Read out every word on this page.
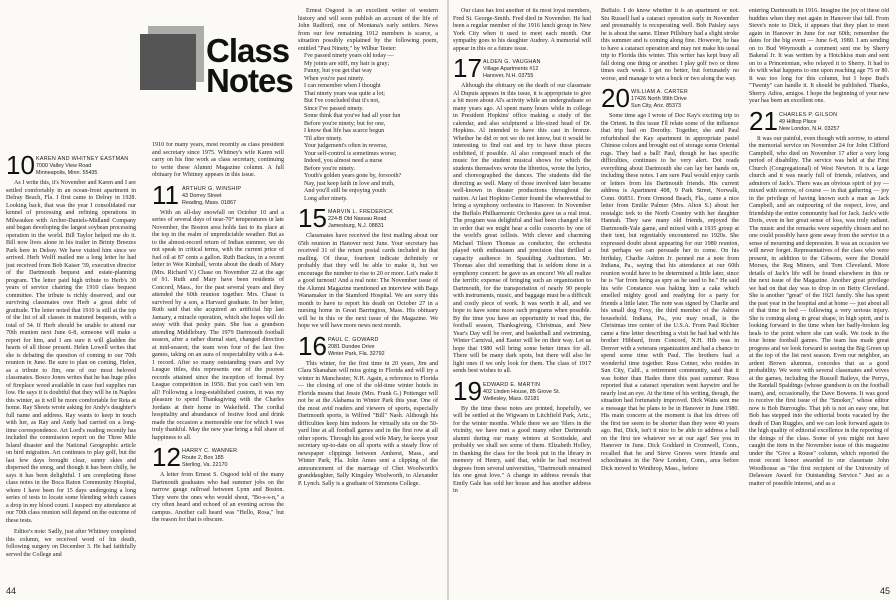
Class
Notes
10 KAREN AND WHITNEY EASTMAN
7000 Valley View Road
Minneapolis, Minn. 55435

As I write this, it's November and Karen and I are settled comfortably in an ocean-front apartment in Delray Beach, Fla. I first came to Delray in 1928. Looking back, that was the year I consolidated our kennel of processing and refining operations in Milwaukee with Archer-Daniels-Midland Company and began developing the largest soybean processing operation in the world. Bill Taylor helped me do it. Bill now lives alone in his trailer in Brinty Breezes Park here in Delray. We have visited him since we arrived. Herb Wolff mailed me a long letter he had just received from Bob Kaiser '39, executive director of the Dartmouth bequest and estate-planning program. The letter paid high tribute to Herb's 30 years of service chairing the 1910 class bequest committee. The tribute is richly deserved, and our surviving classmates owe Herb a great debt of gratitude. The letter noted that 1910 is still at the top of the list of all classes in matured bequests, with a total of 34. If Herb should be unable to attend our 70th reunion next June 6-8, someone will make a report for him, and I am sure it will gladden the hearts of all those present. Helen Lowell writes that she is debating the question of coming to our 70th reunion in June. Be sure to plan on coming, Helen, as a tribute to Jim, one of our most beloved classmates. Bosco Jones writes that he has huge piles of fireplace wood available in case fuel supplies run low. He says it is doubtful that they will be in Naples this winter, as it will be more comfortable for Reta at home. Ray Sheets wrote asking for Andy's daughter's full name and address. Ray wants to keep in touch with her, as Ray and Andy had carried on a long-time correspondence. Art Lord's reading recently has included the commission report on the Three Mile Island disaster and the National Geographic article on bird migration. Art continues to play golf, but the last few days brought clear, sunny skies and dispersed the smog, and though it has been chilly, he says it has been delightful. I am completing these class notes in the Boca Raton Community Hospital, where I have been for 15 days undergoing a long series of tests to locate some bleeding which causes a drop in my blood count. I suspect my attendance at our 70th class reunion will depend on the outcome of these tests.

Editor's note: Sadly, just after Whitney completed this column, we received word of his death, following surgery on December 3. He had faithfully served the College and

1910 for many years, most recently as class president and secretary since 1975. Whitney's wife Karen will carry on his fine work as class secretary, continuing to write these Alumni Magazine column. A full obituary for Whitney appears in this issue.

11 ARTHUR G. WINSHIP
43 Dorrey Street
Reading, Mass. 01867

With an all-day snowfall on October 10 and a series of several days of near-70° temperatures in late November, the Boston area holds fast to its place at the top in the realm of unpredictable weather. But as to the almost-record return of Indian summer, we do not speak in critical terms, with the current price of fuel oil at 87 cents a gallon. Ruth Backus, in a recent letter to Wee Kimball, wrote about the death of Mary (Mrs. Richard V.) Chase on November 22 at the age of 91. Ruth and Mary have been residents of Concord, Mass., for the past several years and they attended the 60th reunion together. Mrs. Chase is survived by a son, a Harvard graduate. In her letter, Ruth said that she acquired an artificial hip last January, a miracle operation, which she hopes will do away with that pesky pain. She has a grandson attending Middlebury. The 1979 Dartmouth football season, after a rather dismal start, changed direction at mid-season; the team won four of the last five games, taking on an aura of respectability with a 4-4-1 record. After so many outstanding years and Ivy League titles, this represents one of the poorest records attained since the inception of formal Ivy League competition in 1956. But you can't win 'em all! Following a long-established custom, it was my pleasure to spend Thanksgiving with the Charles Jordans at their home in Wakefield. The cordial hospitality and abundance of festive food and drink made the occasion a memorable one for which I was truly thankful. May the new year bring a full share of happiness to all.

12 HARRY C. WANNER
Route 2, Box 185
Sterling, Va. 22170

A letter from Ernest S. Osgood told of the many Dartmouth graduates who had summer jobs on the narrow gauge railroad between Lynn and Boston. They were the ones who would shout, "Bo-s-s-n," a cry often heard and echoed of an evening across the campus. Another call heard was "Hello, Rosa," but the reason for that is obscure.

Ernest Osgood is an excellent writer of western history and will soon publish an account of the life of John Radford, one of Montana's early settlers. News from our few remaining 1912 members is scarce, a situation possibly explained by the following poem, entitled "Past Ninety," by Wilbur Teeter:

I've passed ninety years old today —
My joints are stiff, my hair is gray;
Funny, but you get that way
When you're past ninety.
I can remember when I thought
That ninety years was quite a lot;
But I've concluded that it's not,
Since I've passed ninety.
Some think that you've had all your fun
Before you're ninety; but for one,
I know that life has scarce begun
'Til after ninety.
Your judgement's often in reverse,
Your self-control is sometimes worse;
Indeed, you almost need a nurse
Before you're ninety.
Youth's golden years gone by, forsooth?
Nay, just keep faith in love and truth,
And you'll still be enjoying youth
Long after ninety.
15 MARVIN L. FREDERICK
224-B Old Nassau Road
Jamesburg, N.J. 08831

Classmates have received the first mailing about our 65th reunion in Hanover next June. Your secretary has received 31 of the return postal cards included in that mailing. Of these, fourteen indicate definitely or probably that they will be able to make it, but we encourage the number to rise to 20 or more. Let's make it a good turnout! And a real note: The November issue of the Alumni Magazine mentioned an interview with Bags Wanamaker in the Stamford Hospital. We are sorry this month to have to report his death on October 27 in a nursing home in Great Barrington, Mass. His obituary will be in this or the next issue of the Magazine. We hope we will have more news next month.

16 PAUL C. GOWARD
2081 Dundee Drive
Winter Park, Fla. 32792

This winter, for the first time in 20 years, Jim and Clara Shanahan will miss going to Florida and will try a winter in Manchester, N.H. Again, a reference to Florida — the closing of one of the old-time winter hotels in Florida means that Jessie (Mrs. Frank G.) Pottenger will not be at the Alabama in Winter Park this year. One of the most avid readers and viewers of sports, especially Dartmouth sports, is Wilfred "Bill" Nash. Although his difficulties keep him indoors he virtually sits on the 50-yard line at all football games and in the first row at all other sports. Through his good wife Mary, he keeps your secretary up-to-date on all sports with a steady flow of newspaper clippings between Amherst, Mass., and Winter Park, Fla. John Ames sent a clipping of the announcement of the marriage of Chet Woolworth's granddaughter, Sally Kingsley Woolworth, to Alexander P. Lynch. Sally is a graduate of Simmons College.

44

Our class has lost another of its most loyal members, Fred St. George-Smith. Fred died in November. He had been a regular member of the 1916 lunch group in New York City when it used to meet each month. Our sympathy goes to his daughter Audrey. A memorial will appear in this or a future issue.

17 ALDEN G. VAUGHAN
Village Apartments #12
Hanover, N.H. 03755

Although the obituary on the death of our classmate Al Dupuis appears in this issue, it is appropriate to give a bit more about Al's activity while an undergraduate so many years ago. Al spent many hours while in college in President Hopkins' office making a study of the calendar, and also sculptured a life-sized head of Dr. Hopkins. Al intended to have this cast in bronze. Whether he did or not we do not know, but it would be interesting to find out and try to have these pieces exhibited, if possible. Al also composed much of the music for the student musical shows for which the students themselves wrote the librettos, wrote the lyrics, and choreographed the dances. The students did the directing as well. Many of those involved later became well-known in theater productions throughout the nation. At last Hopkins Center found the wherewithal to bring a symphony orchestra to Hanover. In November the Buffalo Philharmonic Orchestra gave us a real treat. The program was delightful and had been changed a bit in order that we might hear a cello concerto by one of the world's great cellists. With clever and charming Michael Tilson Thomas as conductor, the orchestra played with enthusiasm and precision that thrilled a capacity audience in Spaulding Auditorium. Mr. Thomas also did something that is seldom done in a symphony concert: he gave us an encore! We all realize the terrific expense of bringing such an organization to Dartmouth, for the transportation of nearly 90 people with instruments, music, and baggage must be a difficult and costly piece of work. It was worth it all, and we hope to have some more such programs when possible. By the time you have an opportunity to read this, the football season, Thanksgiving, Christmas, and New Year's Day will be over, and basketball and swimming, Winter Carnival, and Easter will be on their way. Let us hope that 1980 will bring some better times for all. There will be many dark spots, but there will also be light ones if we only look for them. The class of 1917 sends best wishes to all.

19 EDWARD E. MARTIN
402 Linden House, 85 Grove St.
Wellesley, Mass. 02181

By the time these notes are printed, hopefully, we will be settled at the Wigwam in Litchfield Park, Ariz., for the winter months. While there we are 'filers in the vicinity, we have met a good many other Dartmouth alumni during our many winters at Scottsdale, and probably we shall see some of them. Elizabeth Holley, in thanking the class for the book put in the library in memory of Henry, said that, while he had received degrees from several universities, "Dartmouth remained his one great love." A change in address reveals that Emily Gale has sold her house and has another address in

Buffalo. I do know whether it is an apartment or not. Stu Russell had a cataract operation early in November and presumably is recuperating well. Bob Paisley says he is about the same. Elmer Pillsbury had a slight stroke this summer and is coming along fine. However, he has to have a cataract operation and may not make his usual trip to Florida this winter. This writer has kept busy all fall doing one thing or another. I play golf two or three times each week. I get no better, but fortunately no worse, and manage to win a buck or two along the way.

20 WILLIAM A. CARTER
17426 North 99th Drive
Sun City, Ariz. 85373

Some time ago I wrote of Doc Kay's exciting trip to the Orient. In this issue I'll relate some of the influence that trip had on Dorothy. Together, she and Paul refurbished the Kay apartment in appropriate pastel Chinese colors and brought out of storage some Oriental rugs. They had a ball! Paul, though he has specific difficulties, continues to be very alert. Dot reads everything about Dartmouth she can lay her hands on, including these notes. I am sure Paul would enjoy cards or letters from his Dartmouth friends. His current address is Apartment 408, 9 Park Street, Norwalk, Conn. 06851. From Ormond Beach, Fla., came a nice letter from Emilie Palmer (Mrs. Alton S.) about her nostalgic trek to the North Country with her daughter Hannah. They saw many old friends, enjoyed the Dartmouth-Yale game, and mixed with a 1935 group at their tent, but regrettably encountered no 1920s. She expressed doubt about appearing for our 1980 reunion, but perhaps we can persuade her to come. On his birthday, Charlie Ashton Jr. penned me a note from Indiana, Pa., saying that his attendance at our 60th reunion would have to be determined a little later, since he is "far from being as spry as he used to be." He said his wife Constance was baking him a cake which smelled mighty good and readying for a party for friends a little later. The note was signed by Charlie and his small dog Foxy, the third member of the Ashton household. Indiana, Pa., you may recall, is the Christmas tree center of the U.S.A. From Paul Richter came a fine letter describing a visit he had had with his brother Hibbard, from Concord, N.H. Hib was in Denver with a veterans organization and had a chance to spend some time with Paul. The brothers had a wonderful time together. Russ Cotner, who resides in Sun City, Calif., a retirement community, said that it was hotter than Hades there this past summer. Russ reported that a cataract operation went haywire and he nearly lost an eye. At the time of his writing, though, the situation had fortunately improved. Dick Watts sent me a message that he plans to be in Hanover in June 1980. His main concern at the moment is that his drives off the first tee seem to be shorter than they were 40 years ago. But, Dick, isn't it nice to be able to address a ball on the first tee whatever we at our age! See you in Hanover in June. Dick Goddard in Cromwell, Conn., recalled that he and Steve Graves were friends and schoolmates in the New London, Conn., area before Dick moved to Winthrop, Mass., before

entering Dartmouth in 1916. Imagine the joy of these old buddies when they met again in Hanover that fall. From Steve's note to Dick, it appears that they plan to meet again in Hanover in June for our 60th; remember the dates for the big event — June 6-8, 1980. I am sending on to Bud Weymouth a comment sent me by Sherry Bakeral Jr. It was written by a Hotchkiss man and sent on to a Princetonian, who relayed it to Sherry. It had to do with what happens to one upon reaching age 75 or 80. It was too long for this column, but I hope Bud's "Twenty" can handle it. It should be published. Thanks, Sherry. Adios, amigos. I hope the beginning of your new year has been an excellent one.

21 CHARLES P. GILSON
49 Hilltop Place
New London, N.H. 03257

It was our painful, even though with sorrow, to attend the memorial service on November 24 for John Clifford Campbell, who died on November 17 after a very long period of disability. The service was held at the First Church (Congregational) of West Newton. It is a large church and it was nearly full of friends, relatives, and admirers of Jack's. There was an obvious spirit of joy — mixed with sorrow, of course — in that gathering — joy in the privilege of having known such a man as Jack Campbell, and an outpouring of the respect, love, and friendship the entire community had for Jack. Jack's wife Doris, even in her great sense of loss, was truly radiant. The music and the remarks were superbly chosen and no one could possibly have gone away from the service in a sense of mourning and depression. It was an occasion we will never forget. Representatives of the class who were present, in addition to the Gibsons, were the Donald Morses, the Reg Miners, and Tom Cleveland. More details of Jack's life will be found elsewhere in this or the next issue of the Magazine. Another great privilege we had on that day was to drop in on Betty Cleveland. She is another "great" of the 1921 family. She has spent the past year in the hospital and at home — just about all of that time in bed — following a very serious injury. She is coming along in great shape, in high spirit, and is looking forward to the time when her badly-broken leg heals to the point where she can walk. We took in the four home football games. The team has made great progress and we look forward to seeing the Big Green up at the top of the list next season. Even our neighbor, an ardent Brown alumnus, concedes that as a good probability. We were with several classmates and wives at the games, including the Russell Baileys, the Perrys, the Randall Spaldings (whose grandson is on the football team), and, occasionally, the Dave Bowens. It was good to receive the first issue of the "Smoker," whose editor now is Bob Burroughs. That job is not an easy one, but Bob has stepped into the editorial boots vacated by the death of Dan Ruggles, and we can look forward again to the high quality of editorial excellence in the reporting of the doings of the class. Some of you might not have caught the item in the November issue of this magazine under the "Give a Rouse" column, which reported the most recent honor awarded to our classmate John Woodhouse as "the first recipient of the University of Delaware Award for Outstanding Service." Just as a matter of possible interest, and as a

45
